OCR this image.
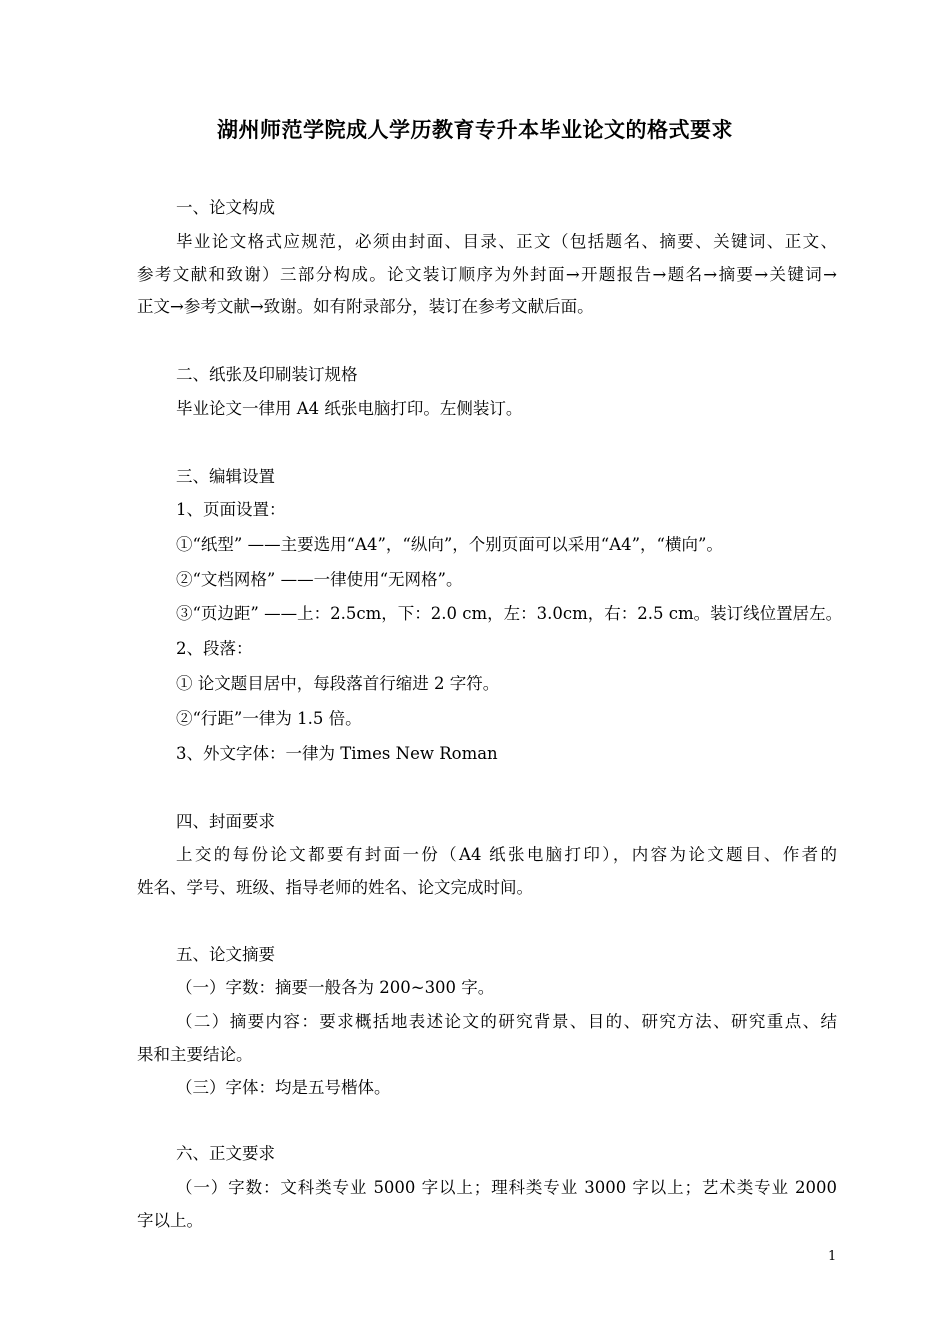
湖州师范学院成人学历教育专升本毕业论文的格式要求
一、论文构成
毕业论文格式应规范，必须由封面、目录、正文（包括题名、摘要、关键词、正文、
参考文献和致谢）三部分构成。论文装订顺序为外封面→开题报告→题名→摘要→关键词→
正文→参考文献→致谢。如有附录部分，装订在参考文献后面。
二、纸张及印刷装订规格
毕业论文一律用 A4 纸张电脑打印。左侧装订。
三、编辑设置
1、页面设置：
①“纸型” ——主要选用“A4”，“纵向”，个别页面可以采用“A4”，“横向”。
②“文档网格” ——一律使用“无网格”。
③“页边距” ——上：2.5cm，下：2.0 cm，左：3.0cm，右：2.5 cm。装订线位置居左。
2、段落：
① 论文题目居中，每段落首行缩进 2 字符。
②“行距”一律为 1.5 倍。
3、外文字体：一律为 Times New Roman
四、封面要求
上交的每份论文都要有封面一份（A4 纸张电脑打印），内容为论文题目、作者的
姓名、学号、班级、指导老师的姓名、论文完成时间。
五、论文摘要
（一）字数：摘要一般各为 200~300 字。
（二）摘要内容：要求概括地表述论文的研究背景、目的、研究方法、研究重点、结
果和主要结论。
（三）字体：均是五号楷体。
六、正文要求
（一）字数：文科类专业 5000 字以上；理科类专业 3000 字以上；艺术类专业 2000
字以上。
1
